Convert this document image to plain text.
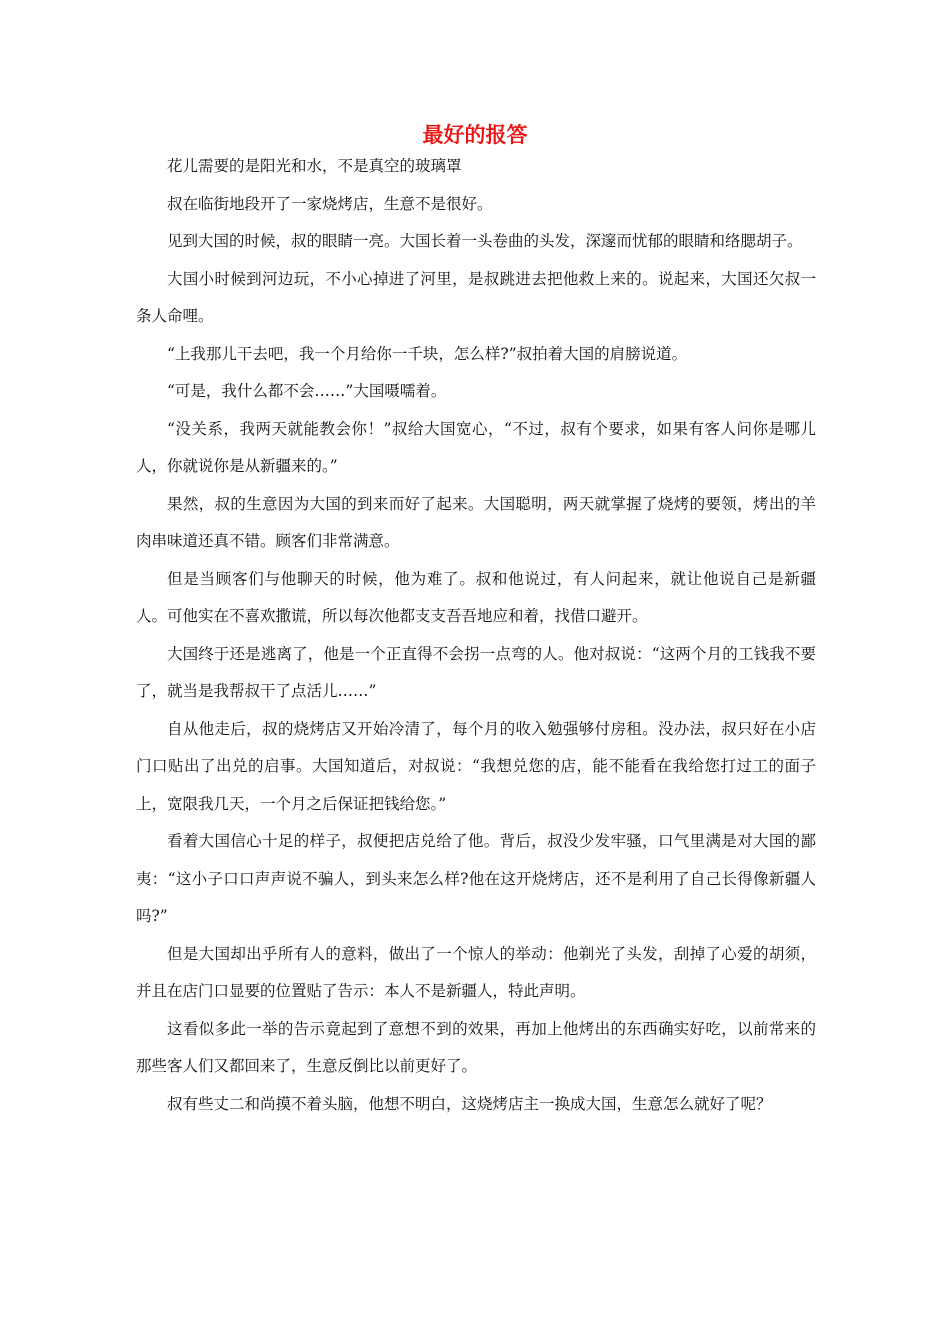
最好的报答

花儿需要的是阳光和水，不是真空的玻璃罩

叔在临街地段开了一家烧烤店，生意不是很好。

见到大国的时候，叔的眼睛一亮。大国长着一头卷曲的头发，深邃而忧郁的眼睛和络腮胡子。

大国小时候到河边玩，不小心掉进了河里，是叔跳进去把他救上来的。说起来，大国还欠叔一条人命哩。

“上我那儿干去吧，我一个月给你一千块，怎么样?”叔拍着大国的肩膀说道。

“可是，我什么都不会……”大国嗫嚅着。

“没关系，我两天就能教会你！”叔给大国宽心，“不过，叔有个要求，如果有客人问你是哪儿人，你就说你是从新疆来的。”

果然，叔的生意因为大国的到来而好了起来。大国聪明，两天就掌握了烧烤的要领，烤出的羊肉串味道还真不错。顾客们非常满意。

但是当顾客们与他聊天的时候，他为难了。叔和他说过，有人问起来，就让他说自己是新疆人。可他实在不喜欢撒谎，所以每次他都支支吾吾地应和着，找借口避开。

大国终于还是逃离了，他是一个正直得不会拐一点弯的人。他对叔说：“这两个月的工钱我不要了，就当是我帮叔干了点活儿……”

自从他走后，叔的烧烤店又开始冷清了，每个月的收入勉强够付房租。没办法，叔只好在小店门口贴出了出兑的启事。大国知道后，对叔说：“我想兑您的店，能不能看在我给您打过工的面子上，宽限我几天，一个月之后保证把钱给您。”

看着大国信心十足的样子，叔便把店兑给了他。背后，叔没少发牢骚，口气里满是对大国的鄙夷：“这小子口口声声说不骗人，到头来怎么样?他在这开烧烤店，还不是利用了自己长得像新疆人吗?”

但是大国却出乎所有人的意料，做出了一个惊人的举动：他剃光了头发，刮掉了心爱的胡须，并且在店门口显要的位置贴了告示：本人不是新疆人，特此声明。

这看似多此一举的告示竟起到了意想不到的效果，再加上他烤出的东西确实好吃，以前常来的那些客人们又都回来了，生意反倒比以前更好了。

叔有些丈二和尚摸不着头脑，他想不明白，这烧烤店主一换成大国，生意怎么就好了呢？
